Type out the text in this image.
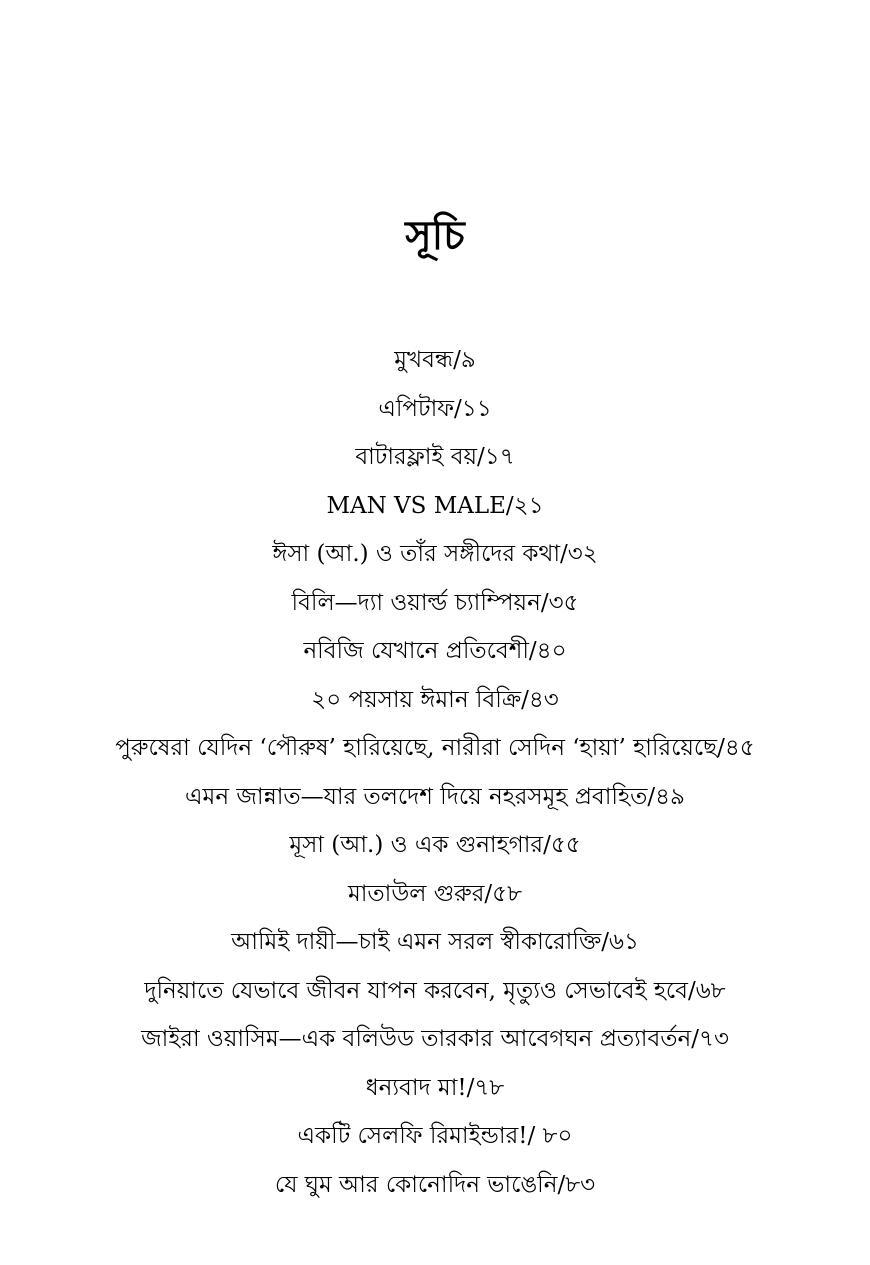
সূচি
মুখবন্ধ/৯
এপিটাফ/১১
বাটারফ্লাই বয়/১৭
MAN VS MALE/২১
ঈসা (আ.) ও তাঁর সঙ্গীদের কথা/৩২
বিলি—দ্যা ওয়ার্ল্ড চ্যাম্পিয়ন/৩৫
নবিজি যেখানে প্রতিবেশী/৪০
২০ পয়সায় ঈমান বিক্রি/৪৩
পুরুষেরা যেদিন ‘পৌরুষ’ হারিয়েছে, নারীরা সেদিন ‘হায়া’ হারিয়েছে/৪৫
এমন জান্নাত—যার তলদেশ দিয়ে নহরসমূহ প্রবাহিত/৪৯
মূসা (আ.) ও এক গুনাহগার/৫৫
মাতাউল গুরুর/৫৮
আমিই দায়ী—চাই এমন সরল স্বীকারোক্তি/৬১
দুনিয়াতে যেভাবে জীবন যাপন করবেন, মৃত্যুও সেভাবেই হবে/৬৮
জাইরা ওয়াসিম—এক বলিউড তারকার আবেগঘন প্রত্যাবর্তন/৭৩
ধন্যবাদ মা!/৭৮
একটি সেলফি রিমাইন্ডার!/ ৮০
যে ঘুম আর কোনোদিন ভাঙেনি/৮৩
